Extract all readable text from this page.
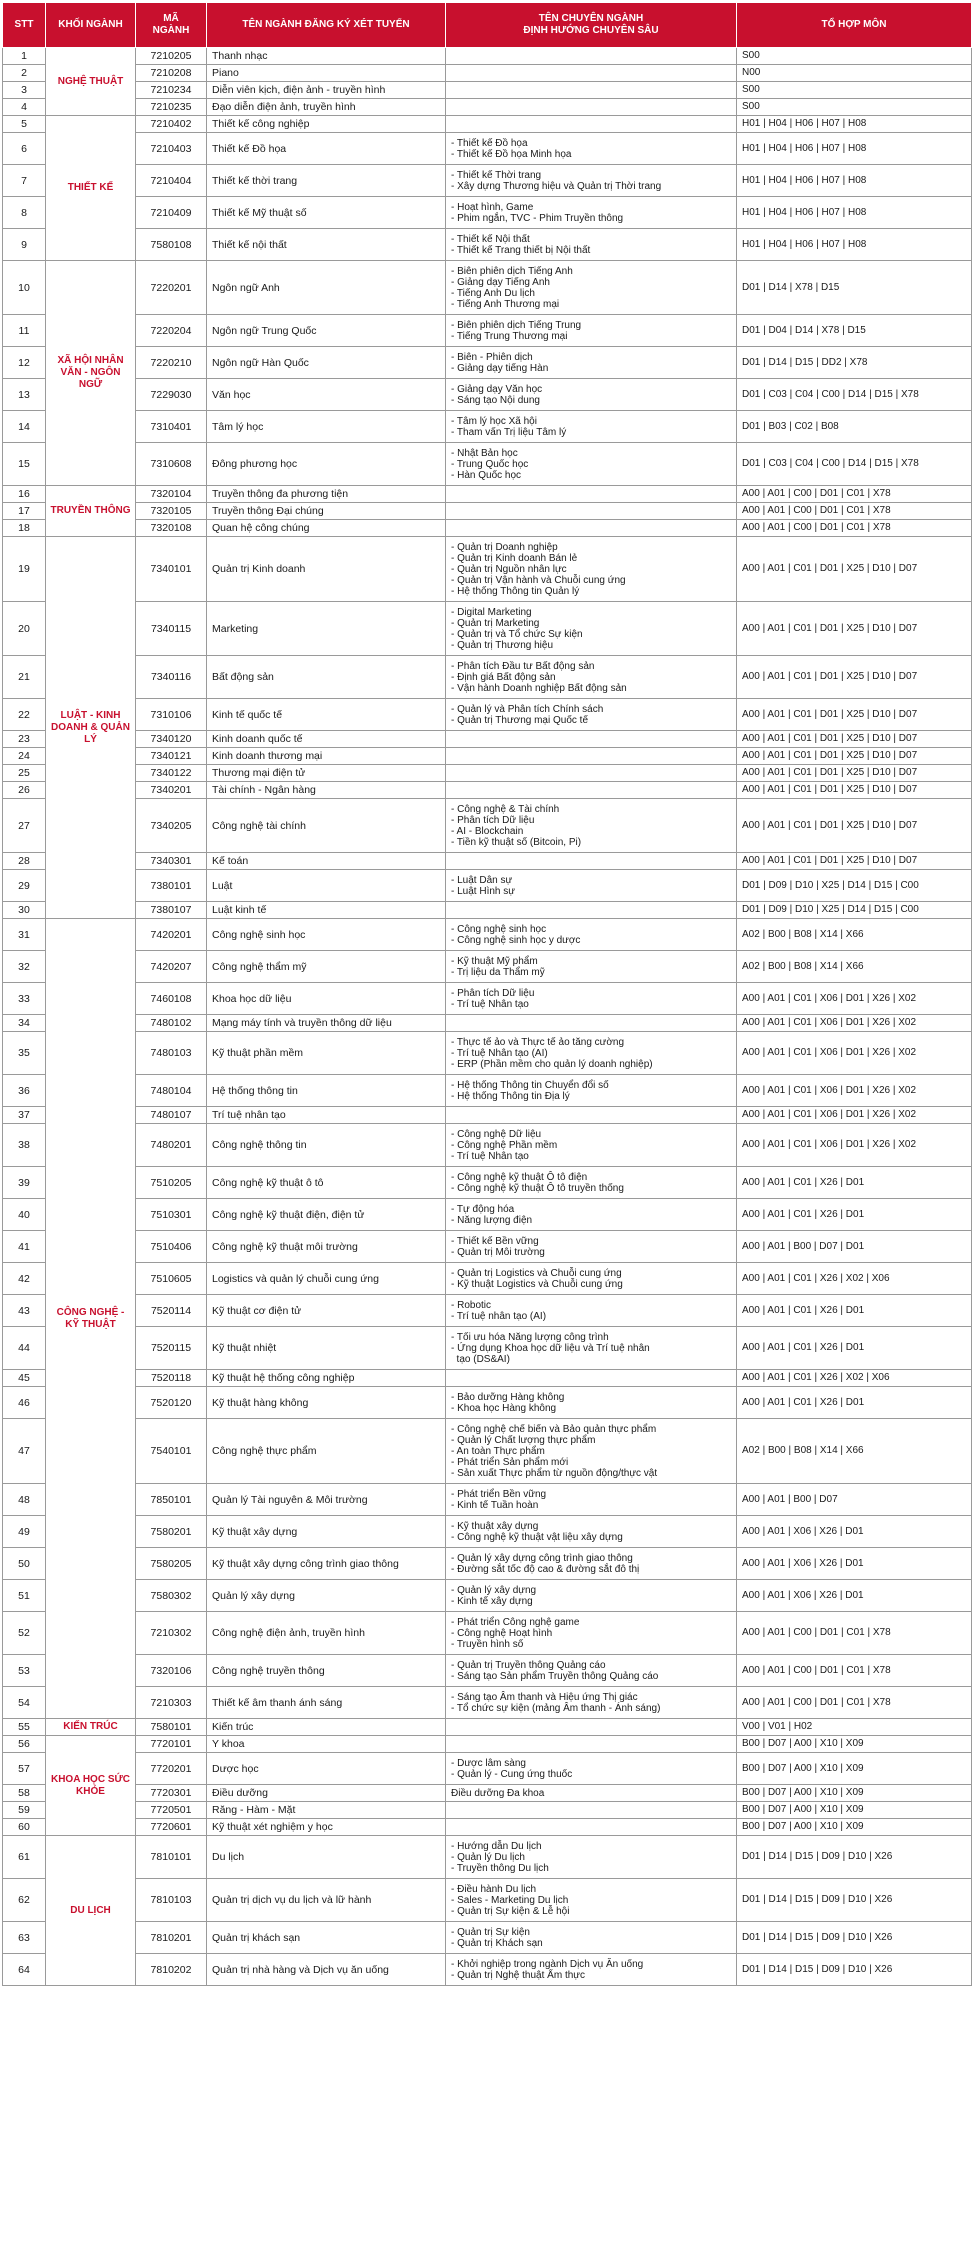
STT	KHỐI NGÀNH	MÃ
NGÀNH	TÊN NGÀNH ĐĂNG KÝ XÉT TUYỂN	TÊN CHUYÊN NGÀNH
ĐỊNH HƯỚNG CHUYÊN SÂU	TỔ HỢP MÔN
1	NGHỆ THUẬT	7210205	Thanh nhạc		S00
2		7210208	Piano		N00
3		7210234	Diễn viên kịch, điện ảnh - truyền hình		S00
4		7210235	Đạo diễn điện ảnh, truyền hình		S00
5	THIẾT KẾ	7210402	Thiết kế công nghiệp		H01 | H04 | H06 | H07 | H08
6		7210403	Thiết kế Đồ họa	- Thiết kế Đồ họa
- Thiết kế Đồ họa Minh họa	H01 | H04 | H06 | H07 | H08
7		7210404	Thiết kế thời trang	- Thiết kế Thời trang
- Xây dựng Thương hiệu và Quản trị Thời trang	H01 | H04 | H06 | H07 | H08
8		7210409	Thiết kế Mỹ thuật số	- Hoạt hình, Game
- Phim ngắn, TVC - Phim Truyền thông	H01 | H04 | H06 | H07 | H08
9		7580108	Thiết kế nội thất	- Thiết kế Nội thất
- Thiết kế Trang thiết bị Nội thất	H01 | H04 | H06 | H07 | H08
10	XÃ HỘI NHÂN VĂN - NGÔN NGỮ	7220201	Ngôn ngữ Anh	- Biên phiên dịch Tiếng Anh
- Giảng dạy Tiếng Anh
- Tiếng Anh Du lịch
- Tiếng Anh Thương mại	D01 | D14 | X78 | D15
11		7220204	Ngôn ngữ Trung Quốc	- Biên phiên dịch Tiếng Trung
- Tiếng Trung Thương mại	D01 | D04 | D14 | X78 | D15
12		7220210	Ngôn ngữ Hàn Quốc	- Biên - Phiên dịch
- Giảng dạy tiếng Hàn	D01 | D14 | D15 | DD2 | X78
13		7229030	Văn học	- Giảng dạy Văn học
- Sáng tạo Nội dung	D01 | C03 | C04 | C00 | D14 | D15 | X78
14		7310401	Tâm lý học	- Tâm lý học Xã hội
- Tham vấn Trị liệu Tâm lý	D01 | B03 | C02 | B08
15		7310608	Đông phương học	- Nhật Bản học
- Trung Quốc học
- Hàn Quốc học	D01 | C03 | C04 | C00 | D14 | D15 | X78
16	TRUYỀN THÔNG	7320104	Truyền thông đa phương tiện		A00 | A01 | C00 | D01 | C01 | X78
17		7320105	Truyền thông Đại chúng		A00 | A01 | C00 | D01 | C01 | X78
18		7320108	Quan hệ công chúng		A00 | A01 | C00 | D01 | C01 | X78
19	LUẬT - KINH DOANH & QUẢN LÝ	7340101	Quản trị Kinh doanh	- Quản trị Doanh nghiệp
- Quản trị Kinh doanh Bán lẻ
- Quản trị Nguồn nhân lực
- Quản trị Vận hành và Chuỗi cung ứng
- Hệ thống Thông tin Quản lý	A00 | A01 | C01 | D01 | X25 | D10 | D07
20		7340115	Marketing	- Digital Marketing
- Quản trị Marketing
- Quản trị và Tổ chức Sự kiện
- Quản trị Thương hiệu	A00 | A01 | C01 | D01 | X25 | D10 | D07
21		7340116	Bất động sản	- Phân tích Đầu tư Bất động sản
- Định giá Bất động sản
- Vận hành Doanh nghiệp Bất động sản	A00 | A01 | C01 | D01 | X25 | D10 | D07
22		7310106	Kinh tế quốc tế	- Quản lý và Phân tích Chính sách
- Quản trị Thương mại Quốc tế	A00 | A01 | C01 | D01 | X25 | D10 | D07
23		7340120	Kinh doanh quốc tế		A00 | A01 | C01 | D01 | X25 | D10 | D07
24		7340121	Kinh doanh thương mại		A00 | A01 | C01 | D01 | X25 | D10 | D07
25		7340122	Thương mại điện tử		A00 | A01 | C01 | D01 | X25 | D10 | D07
26		7340201	Tài chính - Ngân hàng		A00 | A01 | C01 | D01 | X25 | D10 | D07
27		7340205	Công nghệ tài chính	- Công nghệ & Tài chính
- Phân tích Dữ liệu
- AI - Blockchain
- Tiền kỹ thuật số (Bitcoin, Pi)	A00 | A01 | C01 | D01 | X25 | D10 | D07
28		7340301	Kế toán		A00 | A01 | C01 | D01 | X25 | D10 | D07
29		7380101	Luật	- Luật Dân sự
- Luật Hình sự	D01 | D09 | D10 | X25 | D14 | D15 | C00
30		7380107	Luật kinh tế		D01 | D09 | D10 | X25 | D14 | D15 | C00
31	CÔNG NGHỆ - KỸ THUẬT	7420201	Công nghệ sinh học	- Công nghệ sinh học
- Công nghệ sinh học y dược	A02 | B00 | B08 | X14 | X66
32		7420207	Công nghệ thẩm mỹ	- Kỹ thuật Mỹ phẩm
- Trị liệu da Thẩm mỹ	A02 | B00 | B08 | X14 | X66
33		7460108	Khoa học dữ liệu	- Phân tích Dữ liệu
- Trí tuệ Nhân tạo	A00 | A01 | C01 | X06 | D01 | X26 | X02
34		7480102	Mạng máy tính và truyền thông dữ liệu		A00 | A01 | C01 | X06 | D01 | X26 | X02
35		7480103	Kỹ thuật phần mềm	- Thực tế ảo và Thực tế ảo tăng cường
- Trí tuệ Nhân tạo (AI)
- ERP (Phần mềm cho quản lý doanh nghiệp)	A00 | A01 | C01 | X06 | D01 | X26 | X02
36		7480104	Hệ thống thông tin	- Hệ thống Thông tin Chuyển đổi số
- Hệ thống Thông tin Địa lý	A00 | A01 | C01 | X06 | D01 | X26 | X02
37		7480107	Trí tuệ nhân tạo		A00 | A01 | C01 | X06 | D01 | X26 | X02
38		7480201	Công nghệ thông tin	- Công nghệ Dữ liệu
- Công nghệ Phần mềm
- Trí tuệ Nhân tạo	A00 | A01 | C01 | X06 | D01 | X26 | X02
39		7510205	Công nghệ kỹ thuật ô tô	- Công nghệ kỹ thuật Ô tô điện
- Công nghệ kỹ thuật Ô tô truyền thống	A00 | A01 | C01 | X26 | D01
40		7510301	Công nghệ kỹ thuật điện, điện tử	- Tự động hóa
- Năng lượng điện	A00 | A01 | C01 | X26 | D01
41		7510406	Công nghệ kỹ thuật môi trường	- Thiết kế Bền vững
- Quản trị Môi trường	A00 | A01 | B00 | D07 | D01
42		7510605	Logistics và quản lý chuỗi cung ứng	- Quản trị Logistics và Chuỗi cung ứng
- Kỹ thuật Logistics và Chuỗi cung ứng	A00 | A01 | C01 | X26 | X02 | X06
43		7520114	Kỹ thuật cơ điện tử	- Robotic
- Trí tuệ nhân tạo (AI)	A00 | A01 | C01 | X26 | D01
44		7520115	Kỹ thuật nhiệt	- Tối ưu hóa Năng lượng công trình
- Ứng dụng Khoa học dữ liệu và Trí tuệ nhân
tạo (DS&AI)	A00 | A01 | C01 | X26 | D01
45		7520118	Kỹ thuật hệ thống công nghiệp		A00 | A01 | C01 | X26 | X02 | X06
46		7520120	Kỹ thuật hàng không	- Bảo dưỡng Hàng không
- Khoa học Hàng không	A00 | A01 | C01 | X26 | D01
47		7540101	Công nghệ thực phẩm	- Công nghệ chế biến và Bảo quản thực phẩm
- Quản lý Chất lượng thực phẩm
- An toàn Thực phẩm
- Phát triển Sản phẩm mới
- Sản xuất Thực phẩm từ nguồn động/thực vật	A02 | B00 | B08 | X14 | X66
48		7850101	Quản lý Tài nguyên & Môi trường	- Phát triển Bền vững
- Kinh tế Tuần hoàn	A00 | A01 | B00 | D07
49		7580201	Kỹ thuật xây dựng	- Kỹ thuật xây dựng
- Công nghệ kỹ thuật vật liệu xây dựng	A00 | A01 | X06 | X26 | D01
50		7580205	Kỹ thuật xây dựng công trình giao thông	- Quản lý xây dựng công trình giao thông
- Đường sắt tốc độ cao & đường sắt đô thị	A00 | A01 | X06 | X26 | D01
51		7580302	Quản lý xây dựng	- Quản lý xây dựng
- Kinh tế xây dựng	A00 | A01 | X06 | X26 | D01
52		7210302	Công nghệ điện ảnh, truyền hình	- Phát triển Công nghệ game
- Công nghệ Hoạt hình
- Truyền hình số	A00 | A01 | C00 | D01 | C01 | X78
53		7320106	Công nghệ truyền thông	- Quản trị Truyền thông Quảng cáo
- Sáng tạo Sản phẩm Truyền thông Quảng cáo	A00 | A01 | C00 | D01 | C01 | X78
54		7210303	Thiết kế âm thanh ánh sáng	- Sáng tạo Âm thanh và Hiệu ứng Thị giác
- Tổ chức sự kiện (mảng Âm thanh - Ánh sáng)	A00 | A01 | C00 | D01 | C01 | X78
55	KIẾN TRÚC	7580101	Kiến trúc		V00 | V01 | H02
56	KHOA HỌC SỨC KHỎE	7720101	Y khoa		B00 | D07 | A00 | X10 | X09
57		7720201	Dược học	- Dược lâm sàng
- Quản lý - Cung ứng thuốc	B00 | D07 | A00 | X10 | X09
58		7720301	Điều dưỡng	Điều dưỡng Đa khoa	B00 | D07 | A00 | X10 | X09
59		7720501	Răng - Hàm - Mặt		B00 | D07 | A00 | X10 | X09
60		7720601	Kỹ thuật xét nghiệm y học		B00 | D07 | A00 | X10 | X09
61	DU LỊCH	7810101	Du lịch	- Hướng dẫn Du lịch
- Quản lý Du lịch
- Truyền thông Du lịch	D01 | D14 | D15 | D09 | D10 | X26
62		7810103	Quản trị dịch vụ du lịch và lữ hành	- Điều hành Du lịch
- Sales - Marketing Du lịch
- Quản trị Sự kiện & Lễ hội	D01 | D14 | D15 | D09 | D10 | X26
63		7810201	Quản trị khách sạn	- Quản trị Sự kiện
- Quản trị Khách sạn	D01 | D14 | D15 | D09 | D10 | X26
64		7810202	Quản trị nhà hàng và Dịch vụ ăn uống	- Khởi nghiệp trong ngành Dịch vụ Ăn uống
- Quản trị Nghệ thuật Ẩm thực	D01 | D14 | D15 | D09 | D10 | X26
